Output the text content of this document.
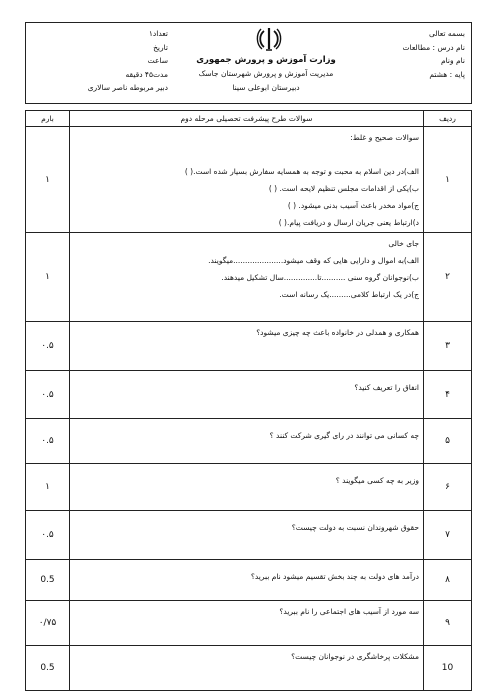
بسمه تعالی
نام درس : مطالعات
نام ونام
پایه : هشتم
وزارت آموزش و پرورش جمهوری
مدیریت آموزش و پرورش شهرستان جاسک
دبیرستان ابوعلی سینا
تعداد۱
تاریخ
ساعت
مدت۴۵ دقیقه
دبیر مربوطه ناصر سالاری
ردیف	سوالات طرح پیشرفت تحصیلی مرحله دوم	بارم
۱	سوالات صحیح و غلط:

الف)در دین اسلام به محبت و توجه به همسایه سفارش بسیار شده است.( )
ب)یکی از اقدامات مجلس تنظیم لایحه است. ( )
ج)مواد مخدر باعث آسیب بدنی میشود. ( )
د)ارتباط یعنی جریان ارسال و دریافت پیام.( )	۱
۲	جای خالی
الف)به اموال و دارایی هایی که وقف میشود.....................میگویند.
ب)نوجوانان گروه سنی ..........تا..............سال تشکیل میدهند.
ج)در یک ارتباط کلامی.........یک رسانه است.	۱
۳	همکاری و همدلی در خانواده باعث چه چیزی میشود؟	۰.۵
۴	انفاق را تعریف کنید؟	۰.۵
۵	چه کسانی می توانند در رای گیری شرکت کنند ؟	۰.۵
۶	وزیر به چه کسی میگویند ؟	۱
۷	حقوق شهروندان نسبت به دولت چیست؟	۰.۵
۸	درآمد های دولت به چند بخش تقسیم میشود نام ببرید؟	0.5
۹	سه مورد از آسیب های اجتماعی را نام ببرید؟	۰/۷۵
10	مشکلات پرخاشگری در نوجوانان چیست؟	0.5
